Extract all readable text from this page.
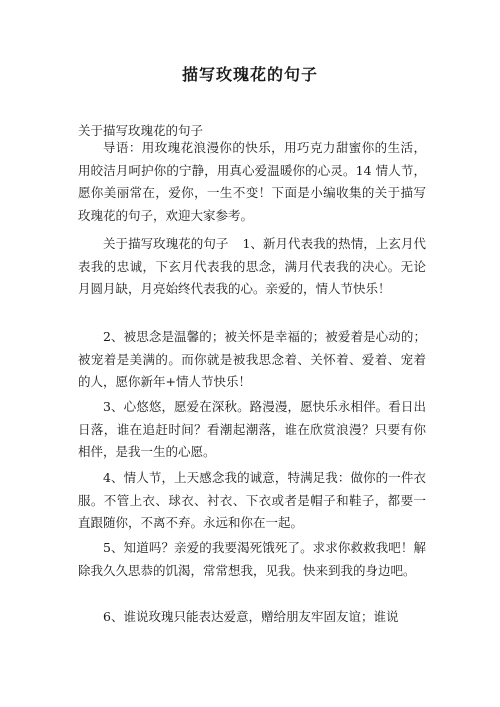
描写玫瑰花的句子

关于描写玫瑰花的句子

导语：用玫瑰花浪漫你的快乐，用巧克力甜蜜你的生活，用皎洁月呵护你的宁静，用真心爱温暖你的心灵。14 情人节，愿你美丽常在，爱你，一生不变！下面是小编收集的关于描写玫瑰花的句子，欢迎大家参考。

关于描写玫瑰花的句子 1、新月代表我的热情，上玄月代表我的忠诚，下玄月代表我的思念，满月代表我的决心。无论月圆月缺，月亮始终代表我的心。亲爱的，情人节快乐！

2、被思念是温馨的；被关怀是幸福的；被爱着是心动的；被宠着是美满的。而你就是被我思念着、关怀着、爱着、宠着的人，愿你新年+情人节快乐！

3、心悠悠，愿爱在深秋。路漫漫，愿快乐永相伴。看日出日落，谁在追赶时间？看潮起潮落，谁在欣赏浪漫？只要有你相伴，是我一生的心愿。

4、情人节，上天感念我的诚意，特满足我：做你的一件衣服。不管上衣、球衣、衬衣、下衣或者是帽子和鞋子，都要一直跟随你，不离不弃。永远和你在一起。

5、知道吗？亲爱的我要渴死饿死了。求求你救救我吧！解除我久久思恭的饥渴，常常想我，见我。快来到我的身边吧。

6、谁说玫瑰只能表达爱意，赠给朋友牢固友谊；谁说
